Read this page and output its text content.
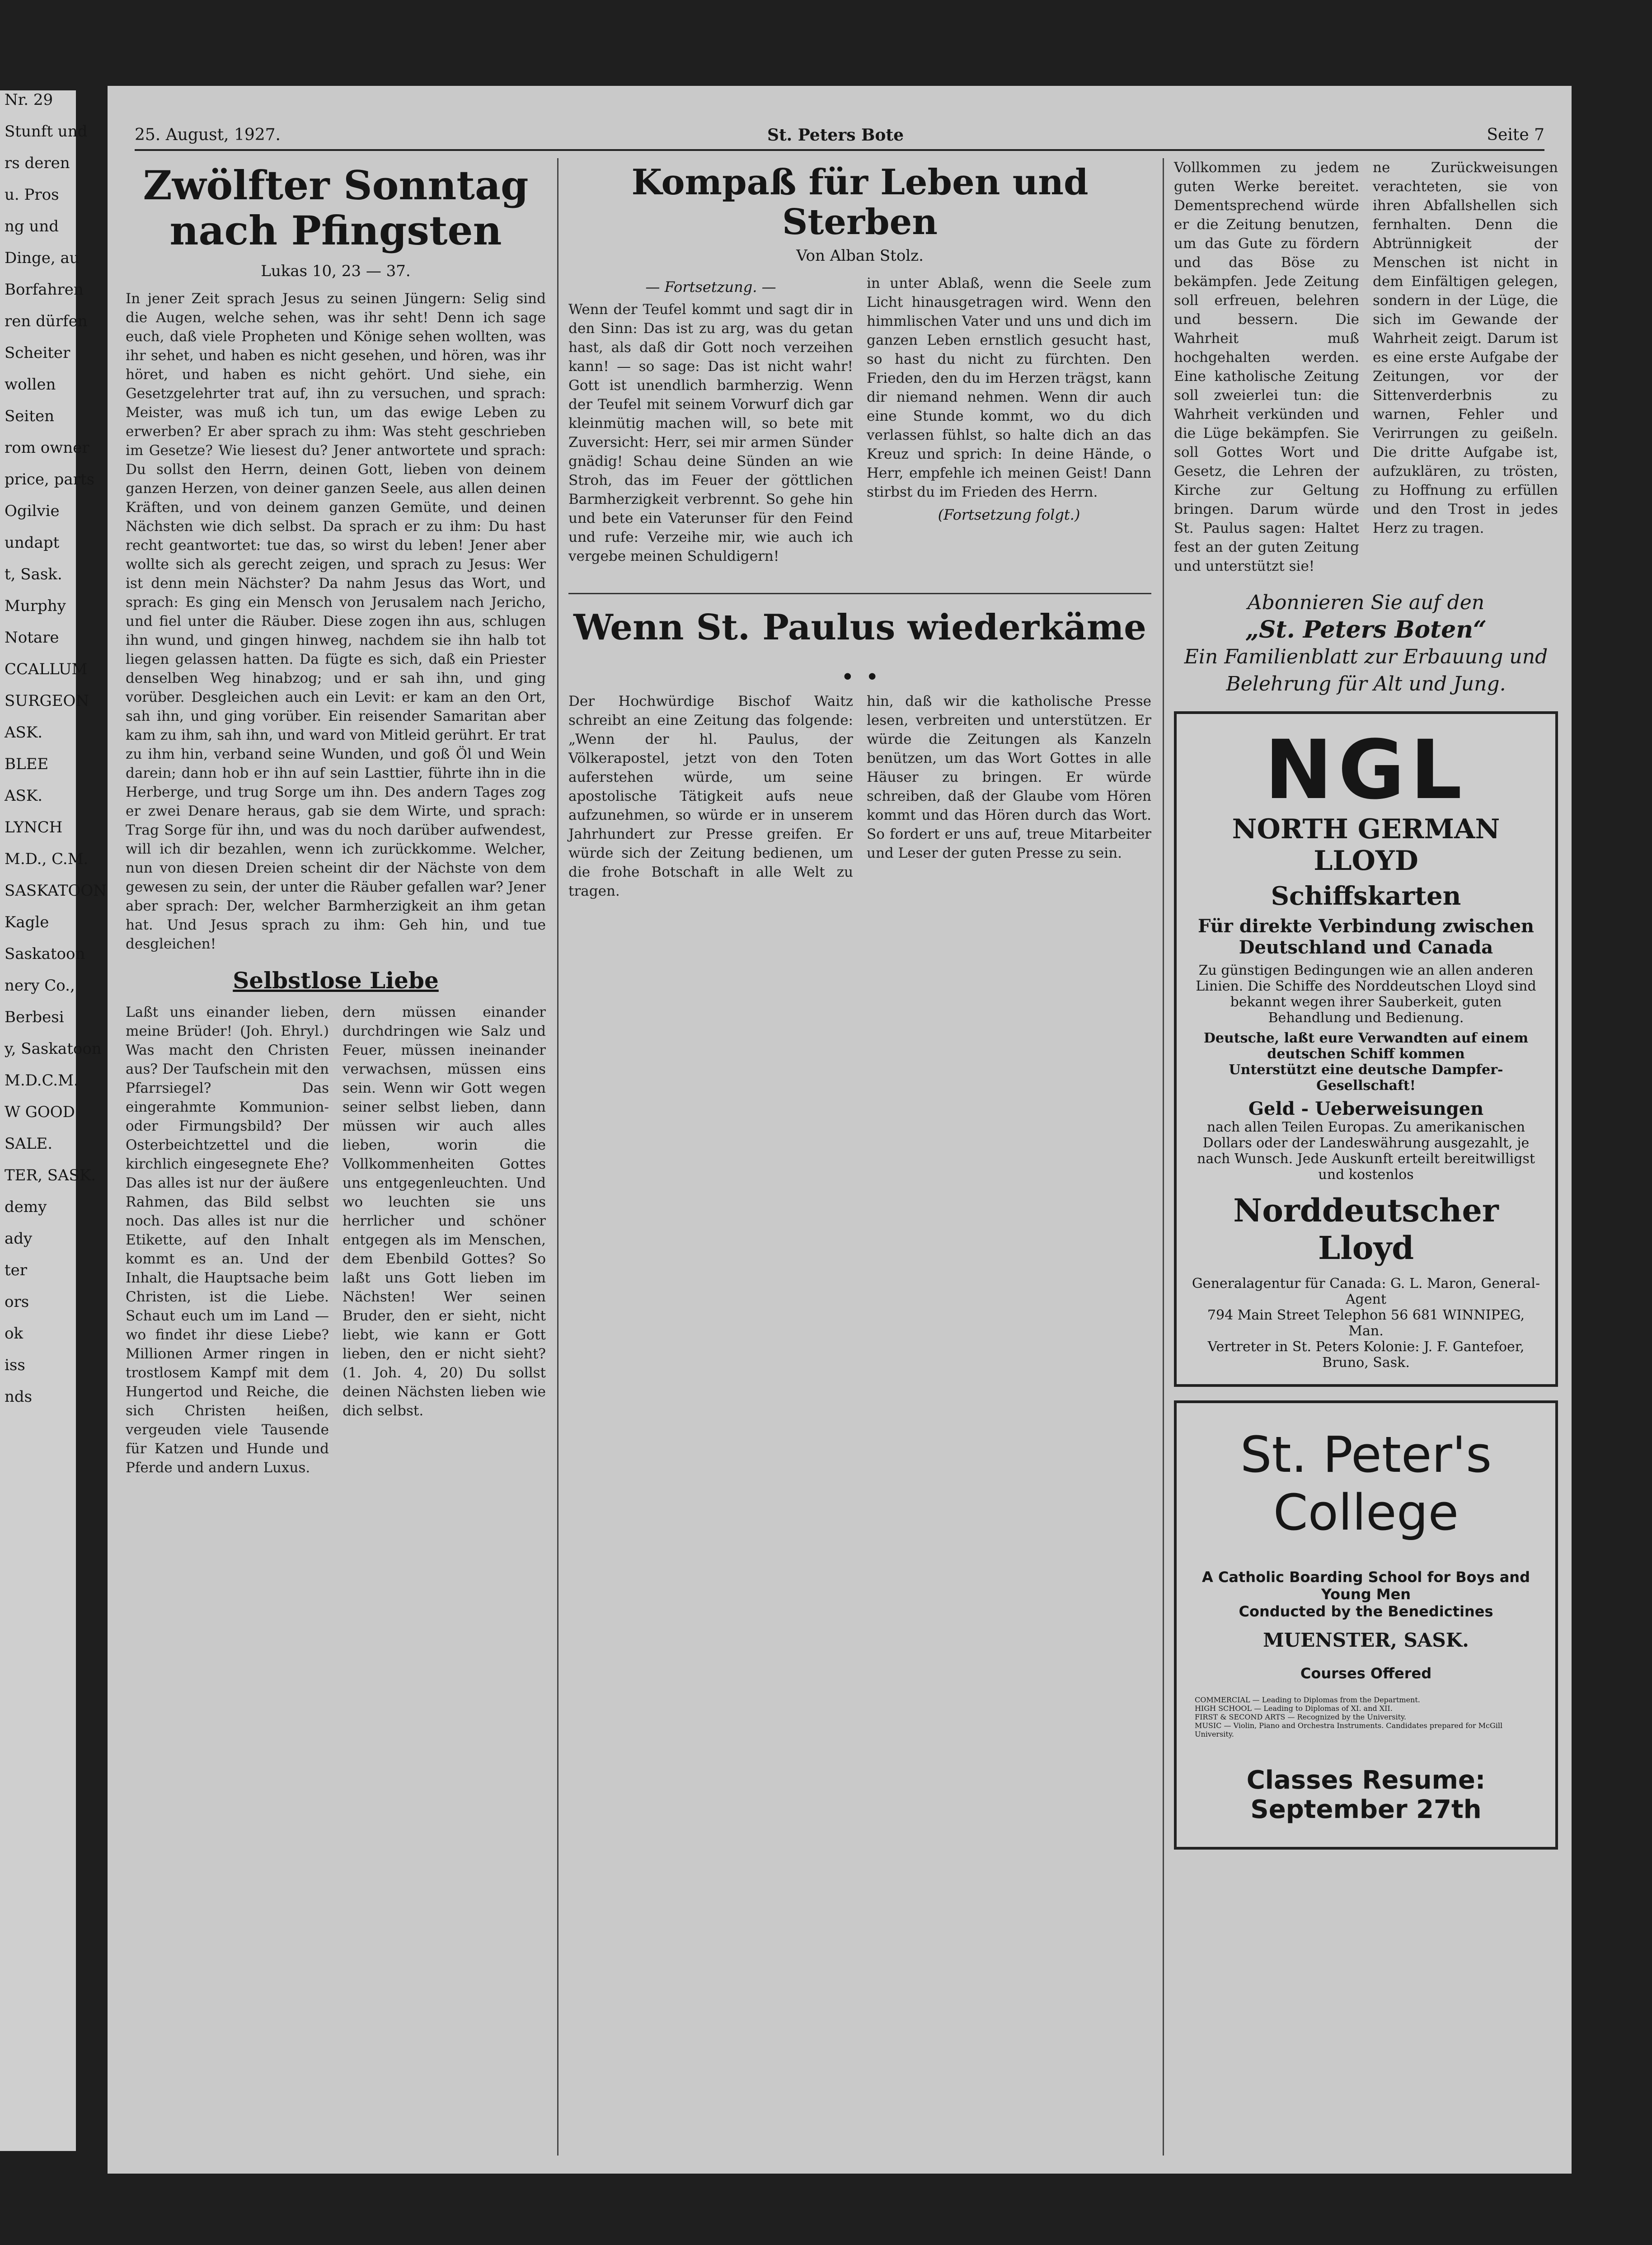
Nr. 29

Stunft und

rs deren

u. Pros

ng und

Dinge, au

Borfahren

ren dürfen

Scheiter

wollen

Seiten

rom owner

price, parts

Ogilvie

undapt

t, Sask.

Murphy

Notare

CCALLUM

SURGEON

ASK.

BLEE

ASK.

LYNCH

M.D., C.M.

SASKATOON

Kagle

Saskatoon

nery Co.,

Berbesi

y, Saskatoon

M.D.C.M.

W GOOD

SALE.

TER, SASK.

demy

ady

ter

ors

ok

iss

nds

25. August, 1927.	St. Peters Bote	Seite 7
Zwölfter Sonntag nach Pfingsten
Lukas 10, 23 — 37.
In jener Zeit sprach Jesus zu seinen Jüngern: Selig sind die Augen, welche sehen, was ihr seht! Denn ich sage euch, daß viele Propheten und Könige sehen wollten, was ihr sehet, und haben es nicht gesehen, und hören, was ihr höret, und haben es nicht gehört. Und siehe, ein Gesetzgelehrter trat auf, ihn zu versuchen, und sprach: Meister, was muß ich tun, um das ewige Leben zu erwerben? Er aber sprach zu ihm: Was steht geschrieben im Gesetze? Wie liesest du? Jener antwortete und sprach: Du sollst den Herrn, deinen Gott, lieben von deinem ganzen Herzen, von deiner ganzen Seele, aus allen deinen Kräften, und von deinem ganzen Gemüte, und deinen Nächsten wie dich selbst. Da sprach er zu ihm: Du hast recht geantwortet: tue das, so wirst du leben! Jener aber wollte sich als gerecht zeigen, und sprach zu Jesus: Wer ist denn mein Nächster? Da nahm Jesus das Wort, und sprach: Es ging ein Mensch von Jerusalem nach Jericho, und fiel unter die Räuber. Diese zogen ihn aus, schlugen ihn wund, und gingen hinweg, nachdem sie ihn halb tot liegen gelassen hatten. Da fügte es sich, daß ein Priester denselben Weg hinabzog; und er sah ihn, und ging vorüber. Desgleichen auch ein Levit: er kam an den Ort, sah ihn, und ging vorüber. Ein reisender Samaritan aber kam zu ihm, sah ihn, und ward von Mitleid gerührt. Er trat zu ihm hin, verband seine Wunden, und goß Öl und Wein darein; dann hob er ihn auf sein Lasttier, führte ihn in die Herberge, und trug Sorge um ihn. Des andern Tages zog er zwei Denare heraus, gab sie dem Wirte, und sprach: Trag Sorge für ihn, und was du noch darüber aufwendest, will ich dir bezahlen, wenn ich zurückkomme. Welcher, nun von diesen Dreien scheint dir der Nächste von dem gewesen zu sein, der unter die Räuber gefallen war? Jener aber sprach: Der, welcher Barmherzigkeit an ihm getan hat. Und Jesus sprach zu ihm: Geh hin, und tue desgleichen!
Selbstlose Liebe
Laßt uns einander lieben, meine Brüder! (Joh. Ehryl.) Was macht den Christen aus? Der Taufschein mit den Pfarrsiegel? Das eingerahmte Kommunion- oder Firmungsbild? Der Osterbeichtzettel und die kirchlich eingesegnete Ehe? Das alles ist nur der äußere Rahmen, das Bild selbst noch. Das alles ist nur die Etikette, auf den Inhalt kommt es an. Und der Inhalt, die Hauptsache beim Christen, ist die Liebe. Schaut euch um im Land — wo findet ihr diese Liebe? Millionen Armer ringen in trostlosem Kampf mit dem Hungertod und Reiche, die sich Christen heißen, vergeuden viele Tausende für Katzen und Hunde und Pferde und andern Luxus.
dern müssen einander durchdringen wie Salz und Feuer, müssen ineinander verwachsen, müssen eins sein. Wenn wir Gott wegen seiner selbst lieben, dann müssen wir auch alles lieben, worin die Vollkommenheiten Gottes uns entgegenleuchten. Und wo leuchten sie uns herrlicher und schöner entgegen als im Menschen, dem Ebenbild Gottes? So laßt uns Gott lieben im Nächsten! Wer seinen Bruder, den er sieht, nicht liebt, wie kann er Gott lieben, den er nicht sieht? (1. Joh. 4, 20) Du sollst deinen Nächsten lieben wie dich selbst.
Kompaß für Leben und Sterben
Von Alban Stolz.
— Fortsetzung. —
Wenn der Teufel kommt und sagt dir in den Sinn: Das ist zu arg, was du getan hast, als daß dir Gott noch verzeihen kann! — so sage: Das ist nicht wahr! Gott ist unendlich barmherzig. Wenn der Teufel mit seinem Vorwurf dich gar kleinmütig machen will, so bete mit Zuversicht: Herr, sei mir armen Sünder gnädig! Schau deine Sünden an wie Stroh, das im Feuer der göttlichen Barmherzigkeit verbrennt. So gehe hin und bete ein Vaterunser für den Feind und rufe: Verzeihe mir, wie auch ich vergebe meinen Schuldigern!
in unter Ablaß, wenn die Seele zum Licht hinausgetragen wird. Wenn den himmlischen Vater und uns und dich im ganzen Leben ernstlich gesucht hast, so hast du nicht zu fürchten. Den Frieden, den du im Herzen trägst, kann dir niemand nehmen. Wenn dir auch eine Stunde kommt, wo du dich verlassen fühlst, so halte dich an das Kreuz und sprich: In deine Hände, o Herr, empfehle ich meinen Geist! Dann stirbst du im Frieden des Herrn.
(Fortsetzung folgt.)
Wenn St. Paulus wiederkäme . .
Der Hochwürdige Bischof Waitz schreibt an eine Zeitung das folgende: „Wenn der hl. Paulus, der Völkerapostel, jetzt von den Toten auferstehen würde, um seine apostolische Tätigkeit aufs neue aufzunehmen, so würde er in unserem Jahrhundert zur Presse greifen. Er würde sich der Zeitung bedienen, um die frohe Botschaft in alle Welt zu tragen.
hin, daß wir die katholische Presse lesen, verbreiten und unterstützen. Er würde die Zeitungen als Kanzeln benützen, um das Wort Gottes in alle Häuser zu bringen. Er würde schreiben, daß der Glaube vom Hören kommt und das Hören durch das Wort. So fordert er uns auf, treue Mitarbeiter und Leser der guten Presse zu sein.
Vollkommen zu jedem guten Werke bereitet. Dementsprechend würde er die Zeitung benutzen, um das Gute zu fördern und das Böse zu bekämpfen. Jede Zeitung soll erfreuen, belehren und bessern. Die Wahrheit muß hochgehalten werden. Eine katholische Zeitung soll zweierlei tun: die Wahrheit verkünden und die Lüge bekämpfen. Sie soll Gottes Wort und Gesetz, die Lehren der Kirche zur Geltung bringen. Darum würde St. Paulus sagen: Haltet fest an der guten Zeitung und unterstützt sie!
ne Zurückweisungen verachteten, sie von ihren Abfallshellen sich fernhalten. Denn die Abtrünnigkeit der Menschen ist nicht in dem Einfältigen gelegen, sondern in der Lüge, die sich im Gewande der Wahrheit zeigt. Darum ist es eine erste Aufgabe der Zeitungen, vor der Sittenverderbnis zu warnen, Fehler und Verirrungen zu geißeln. Die dritte Aufgabe ist, aufzuklären, zu trösten, zu Hoffnung zu erfüllen und den Trost in jedes Herz zu tragen.
Abonnieren Sie auf den
„St. Peters Boten“
Ein Familienblatt zur Erbauung und Belehrung für Alt und Jung.
NGL
NORTH GERMAN LLOYD
Schiffskarten
Für direkte Verbindung zwischen Deutschland und Canada
Zu günstigen Bedingungen wie an allen anderen Linien. Die Schiffe des Norddeutschen Lloyd sind bekannt wegen ihrer Sauberkeit, guten Behandlung und Bedienung.
Deutsche, laßt eure Verwandten auf einem deutschen Schiff kommen
Unterstützt eine deutsche Dampfer-Gesellschaft!
Geld - Ueberweisungen
nach allen Teilen Europas. Zu amerikanischen Dollars oder der Landeswährung ausgezahlt, je nach Wunsch. Jede Auskunft erteilt bereitwilligst und kostenlos
Norddeutscher Lloyd
Generalagentur für Canada: G. L. Maron, General-Agent
794 Main Street Telephon 56 681 WINNIPEG, Man.
Vertreter in St. Peters Kolonie: J. F. Gantefoer, Bruno, Sask.
St. Peter's College
A Catholic Boarding School for Boys and Young Men
Conducted by the Benedictines
MUENSTER, SASK.
Courses Offered
COMMERCIAL — Leading to Diplomas from the Department.
HIGH SCHOOL — Leading to Diplomas of XI. and XII.
FIRST & SECOND ARTS — Recognized by the University.
MUSIC — Violin, Piano and Orchestra Instruments. Candidates prepared for McGill University.
Classes Resume: September 27th
